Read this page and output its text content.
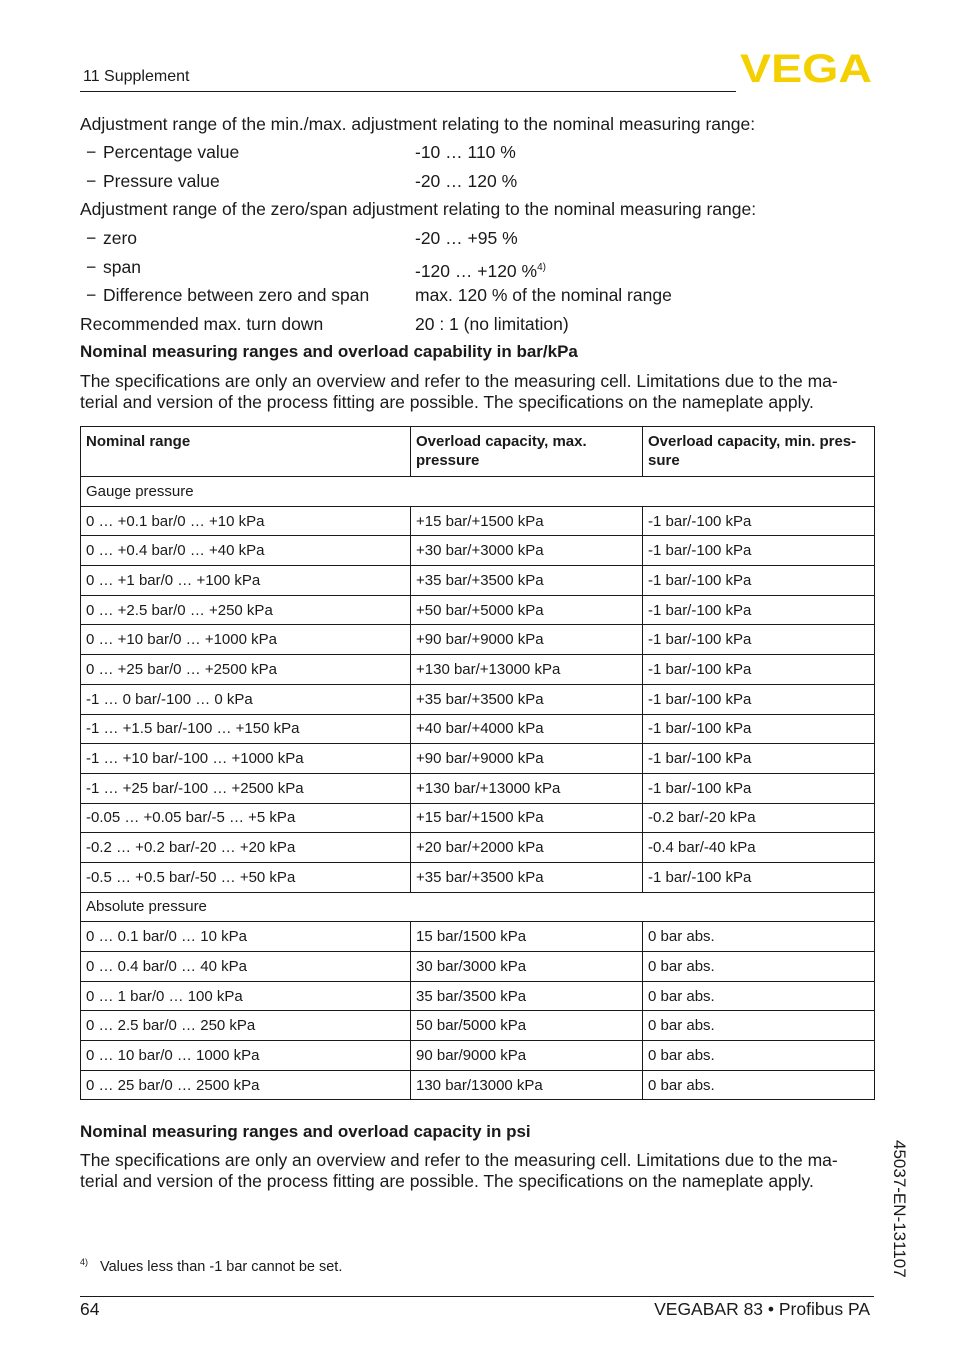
11 Supplement	VEGA
Adjustment range of the min./max. adjustment relating to the nominal measuring range:
− Percentage value	-10 … 110 %
− Pressure value	-20 … 120 %
Adjustment range of the zero/span adjustment relating to the nominal measuring range:
− zero	-20 … +95 %
− span	-120 … +120 %$^{4)}$
− Difference between zero and span	max. 120 % of the nominal range
Recommended max. turn down	20 : 1 (no limitation)
Nominal measuring ranges and overload capability in bar/kPa
The specifications are only an overview and refer to the measuring cell. Limitations due to the ma-
terial and version of the process fitting are possible. The specifications on the nameplate apply.
Nominal range	Overload capacity, max. pressure	Overload capacity, min. pres- sure
Gauge pressure		
0 … +0.1 bar/0 … +10 kPa	+15 bar/+1500 kPa	-1 bar/-100 kPa
0 … +0.4 bar/0 … +40 kPa	+30 bar/+3000 kPa	-1 bar/-100 kPa
0 … +1 bar/0 … +100 kPa	+35 bar/+3500 kPa	-1 bar/-100 kPa
0 … +2.5 bar/0 … +250 kPa	+50 bar/+5000 kPa	-1 bar/-100 kPa
0 … +10 bar/0 … +1000 kPa	+90 bar/+9000 kPa	-1 bar/-100 kPa
0 … +25 bar/0 … +2500 kPa	+130 bar/+13000 kPa	-1 bar/-100 kPa
-1 … 0 bar/-100 … 0 kPa	+35 bar/+3500 kPa	-1 bar/-100 kPa
-1 … +1.5 bar/-100 … +150 kPa	+40 bar/+4000 kPa	-1 bar/-100 kPa
-1 … +10 bar/-100 … +1000 kPa	+90 bar/+9000 kPa	-1 bar/-100 kPa
-1 … +25 bar/-100 … +2500 kPa	+130 bar/+13000 kPa	-1 bar/-100 kPa
-0.05 … +0.05 bar/-5 … +5 kPa	+15 bar/+1500 kPa	-0.2 bar/-20 kPa
-0.2 … +0.2 bar/-20 … +20 kPa	+20 bar/+2000 kPa	-0.4 bar/-40 kPa
-0.5 … +0.5 bar/-50 … +50 kPa	+35 bar/+3500 kPa	-1 bar/-100 kPa
Absolute pressure		
0 … 0.1 bar/0 … 10 kPa	15 bar/1500 kPa	0 bar abs.
0 … 0.4 bar/0 … 40 kPa	30 bar/3000 kPa	0 bar abs.
0 … 1 bar/0 … 100 kPa	35 bar/3500 kPa	0 bar abs.
0 … 2.5 bar/0 … 250 kPa	50 bar/5000 kPa	0 bar abs.
0 … 10 bar/0 … 1000 kPa	90 bar/9000 kPa	0 bar abs.
0 … 25 bar/0 … 2500 kPa	130 bar/13000 kPa	0 bar abs.
Nominal measuring ranges and overload capacity in psi
The specifications are only an overview and refer to the measuring cell. Limitations due to the ma-
terial and version of the process fitting are possible. The specifications on the nameplate apply.
$^{4)}$ Values less than -1 bar cannot be set.
64	VEGABAR 83 • Profibus PA
45037-EN-131107
